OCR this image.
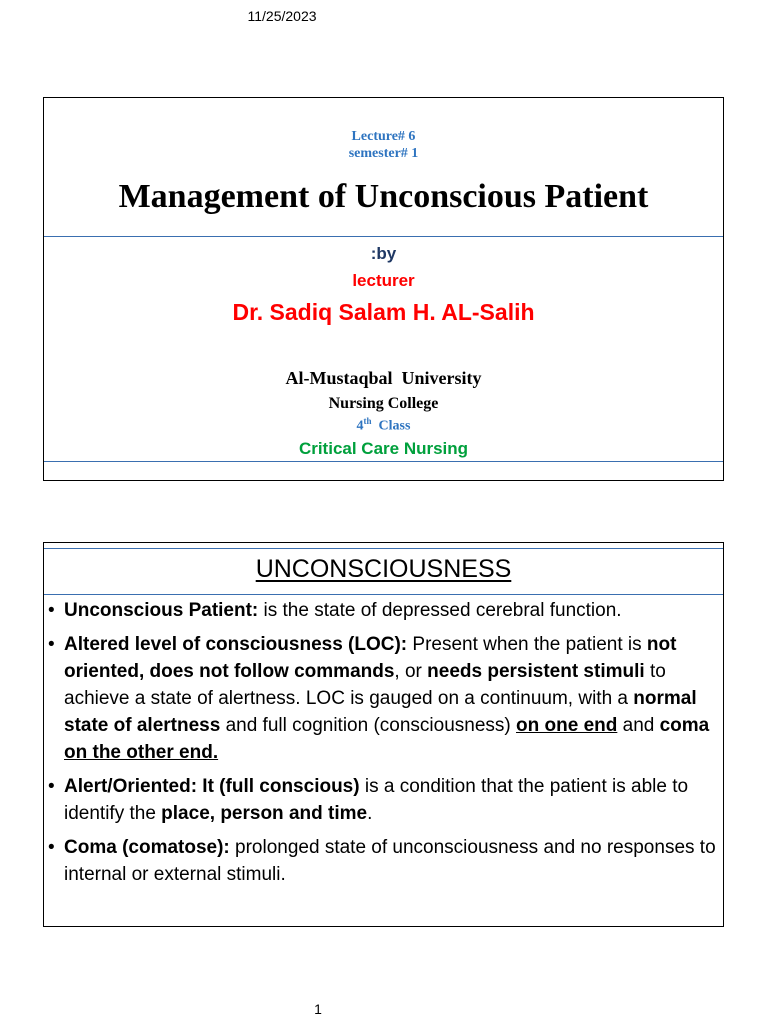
11/25/2023
Lecture# 6
semester# 1
Management of Unconscious Patient
:by
lecturer
Dr. Sadiq Salam H. AL-Salih
Al-Mustaqbal  University
Nursing College
4th Class
Critical Care Nursing
UNCONSCIOUSNESS
• Unconscious Patient: is the state of depressed cerebral function.
• Altered level of consciousness (LOC): Present when the patient is not oriented, does not follow commands, or needs persistent stimuli to achieve a state of alertness. LOC is gauged on a continuum, with a normal state of alertness and full cognition (consciousness) on one end and coma on the other end.
• Alert/Oriented: It (full conscious) is a condition that the patient is able to identify the place, person and time.
• Coma (comatose): prolonged state of unconsciousness and no responses to internal or external stimuli.
1
